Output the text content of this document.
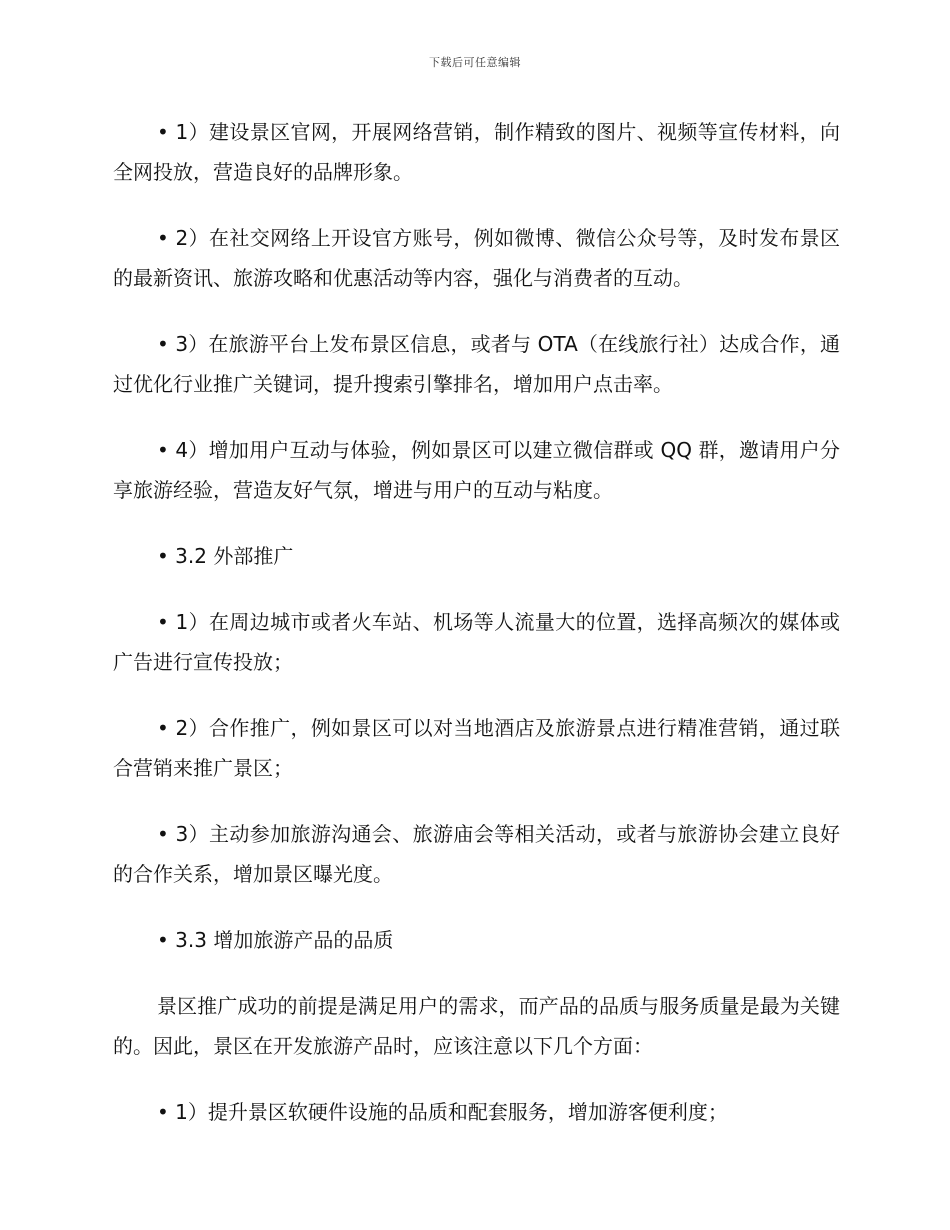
下载后可任意编辑

• 1）建设景区官网，开展网络营销，制作精致的图片、视频等宣传材料，向全网投放，营造良好的品牌形象。

• 2）在社交网络上开设官方账号，例如微博、微信公众号等，及时发布景区的最新资讯、旅游攻略和优惠活动等内容，强化与消费者的互动。

• 3）在旅游平台上发布景区信息，或者与 OTA（在线旅行社）达成合作，通过优化行业推广关键词，提升搜索引擎排名，增加用户点击率。

• 4）增加用户互动与体验，例如景区可以建立微信群或 QQ 群，邀请用户分享旅游经验，营造友好气氛，增进与用户的互动与粘度。

• 3.2 外部推广

• 1）在周边城市或者火车站、机场等人流量大的位置，选择高频次的媒体或广告进行宣传投放；

• 2）合作推广，例如景区可以对当地酒店及旅游景点进行精准营销，通过联合营销来推广景区；

• 3）主动参加旅游沟通会、旅游庙会等相关活动，或者与旅游协会建立良好的合作关系，增加景区曝光度。

• 3.3 增加旅游产品的品质

景区推广成功的前提是满足用户的需求，而产品的品质与服务质量是最为关键的。因此，景区在开发旅游产品时，应该注意以下几个方面：

• 1）提升景区软硬件设施的品质和配套服务，增加游客便利度；
